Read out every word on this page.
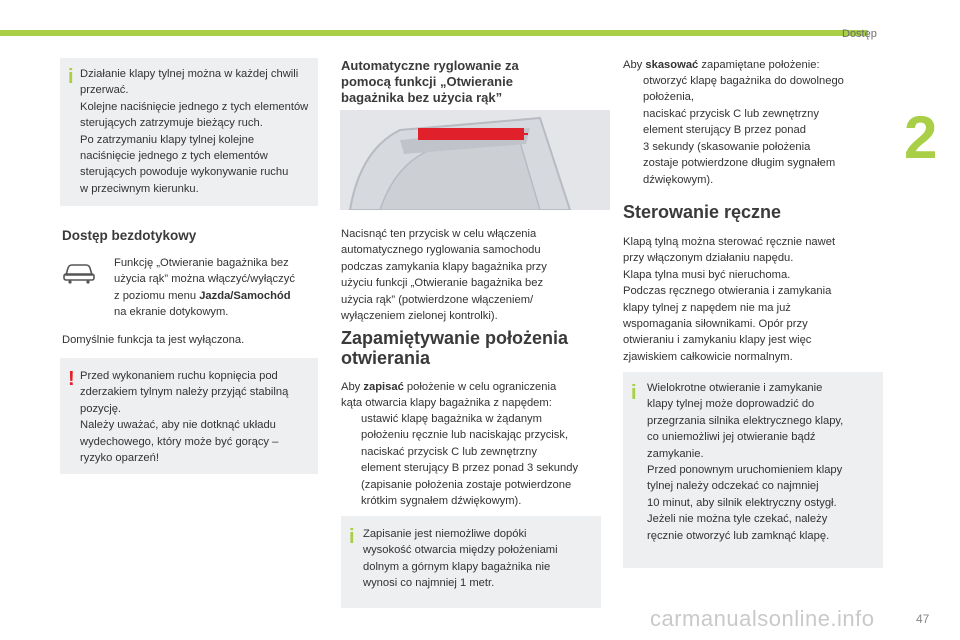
Dostęp
2
47
carmanualsonline.info
i Działanie klapy tylnej można w każdej chwili
przerwać.
Kolejne naciśnięcie jednego z tych elementów
sterujących zatrzymuje bieżący ruch.
Po zatrzymaniu klapy tylnej kolejne
naciśnięcie jednego z tych elementów
sterujących powoduje wykonywanie ruchu
w przeciwnym kierunku.
Dostęp bezdotykowy
Funkcję „Otwieranie bagażnika bez
użycia rąk” można włączyć/wyłączyć
z poziomu menu Jazda/Samochód
na ekranie dotykowym.
Domyślnie funkcja ta jest wyłączona.
! Przed wykonaniem ruchu kopnięcia pod
zderzakiem tylnym należy przyjąć stabilną
pozycję.
Należy uważać, aby nie dotknąć układu
wydechowego, który może być gorący –
ryzyko oparzeń!
Automatyczne ryglowanie za
pomocą funkcji „Otwieranie
bagażnika bez użycia rąk”
Nacisnąć ten przycisk w celu włączenia
automatycznego ryglowania samochodu
podczas zamykania klapy bagażnika przy
użyciu funkcji „Otwieranie bagażnika bez
użycia rąk” (potwierdzone włączeniem/
wyłączeniem zielonej kontrolki).
Zapamiętywanie położenia
otwierania
Aby zapisać położenie w celu ograniczenia
kąta otwarcia klapy bagażnika z napędem:
ustawić klapę bagażnika w żądanym
położeniu ręcznie lub naciskając przycisk,
naciskać przycisk C lub zewnętrzny
element sterujący B przez ponad 3 sekundy
(zapisanie położenia zostaje potwierdzone
krótkim sygnałem dźwiękowym).
i Zapisanie jest niemożliwe dopóki
wysokość otwarcia między położeniami
dolnym a górnym klapy bagażnika nie
wynosi co najmniej 1 metr.
Aby skasować zapamiętane położenie:
otworzyć klapę bagażnika do dowolnego
położenia,
naciskać przycisk C lub zewnętrzny
element sterujący B przez ponad
3 sekundy (skasowanie położenia
zostaje potwierdzone długim sygnałem
dźwiękowym).
Sterowanie ręczne
Klapą tylną można sterować ręcznie nawet
przy włączonym działaniu napędu.
Klapa tylna musi być nieruchoma.
Podczas ręcznego otwierania i zamykania
klapy tylnej z napędem nie ma już
wspomagania siłownikami. Opór przy
otwieraniu i zamykaniu klapy jest więc
zjawiskiem całkowicie normalnym.
i Wielokrotne otwieranie i zamykanie
klapy tylnej może doprowadzić do
przegrzania silnika elektrycznego klapy,
co uniemożliwi jej otwieranie bądź
zamykanie.
Przed ponownym uruchomieniem klapy
tylnej należy odczekać co najmniej
10 minut, aby silnik elektryczny ostygł.
Jeżeli nie można tyle czekać, należy
ręcznie otworzyć lub zamknąć klapę.
